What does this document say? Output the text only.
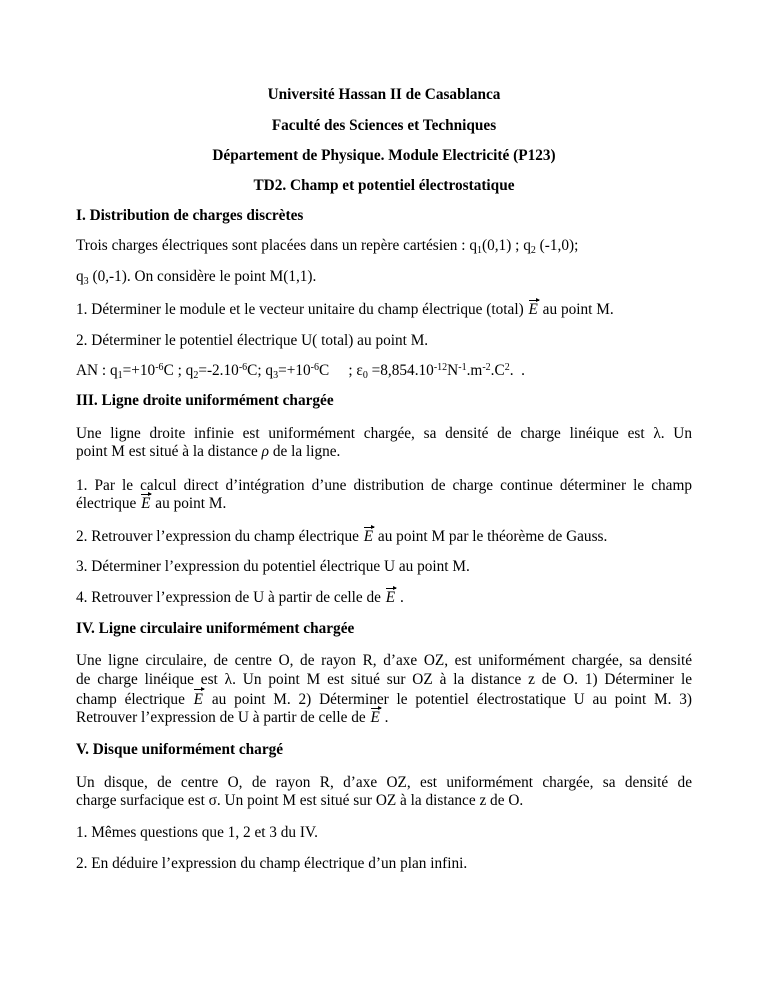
Université Hassan II de Casablanca
Faculté des Sciences et Techniques
Département de Physique. Module Electricité (P123)
TD2. Champ et potentiel électrostatique
I. Distribution de charges discrètes
Trois charges électriques sont placées dans un repère cartésien : $q_1(0,1)$ ; $q_2$ (-1,0);
$q_3$ (0,-1). On considère le point M(1,1).
1. Déterminer le module et le vecteur unitaire du champ électrique (total) E au point M.
2. Déterminer le potentiel électrique U( total) au point M.
AN : $q_1=+10^{-6}C$ ; $q_2=-2.10^{-6}C$; $q_3=+10^{-6}C$     ; $\varepsilon_0 =8,854.10^{-12}N^{-1}.m^{-2}.C^2$.  .
III. Ligne droite uniformément chargée
Une ligne droite infinie est uniformément chargée, sa densité de charge linéique est λ. Un
point M est situé à la distance ρ de la ligne.
1. Par le calcul direct d’intégration d’une distribution de charge continue déterminer le champ
électrique E au point M.
2. Retrouver l’expression du champ électrique E au point M par le théorème de Gauss.
3. Déterminer l’expression du potentiel électrique U au point M.
4. Retrouver l’expression de U à partir de celle de E .
IV. Ligne circulaire uniformément chargée
Une ligne circulaire, de centre O, de rayon R, d’axe OZ, est uniformément chargée, sa densité
de charge linéique est λ. Un point M est situé sur OZ à la distance z de O. 1) Déterminer le
champ électrique E au point M. 2) Déterminer le potentiel électrostatique U au point M. 3)
Retrouver l’expression de U à partir de celle de E .
V. Disque uniformément chargé
Un disque, de centre O, de rayon R, d’axe OZ, est uniformément chargée, sa densité de
charge surfacique est σ. Un point M est situé sur OZ à la distance z de O.
1. Mêmes questions que 1, 2 et 3 du IV.
2. En déduire l’expression du champ électrique d’un plan infini.
